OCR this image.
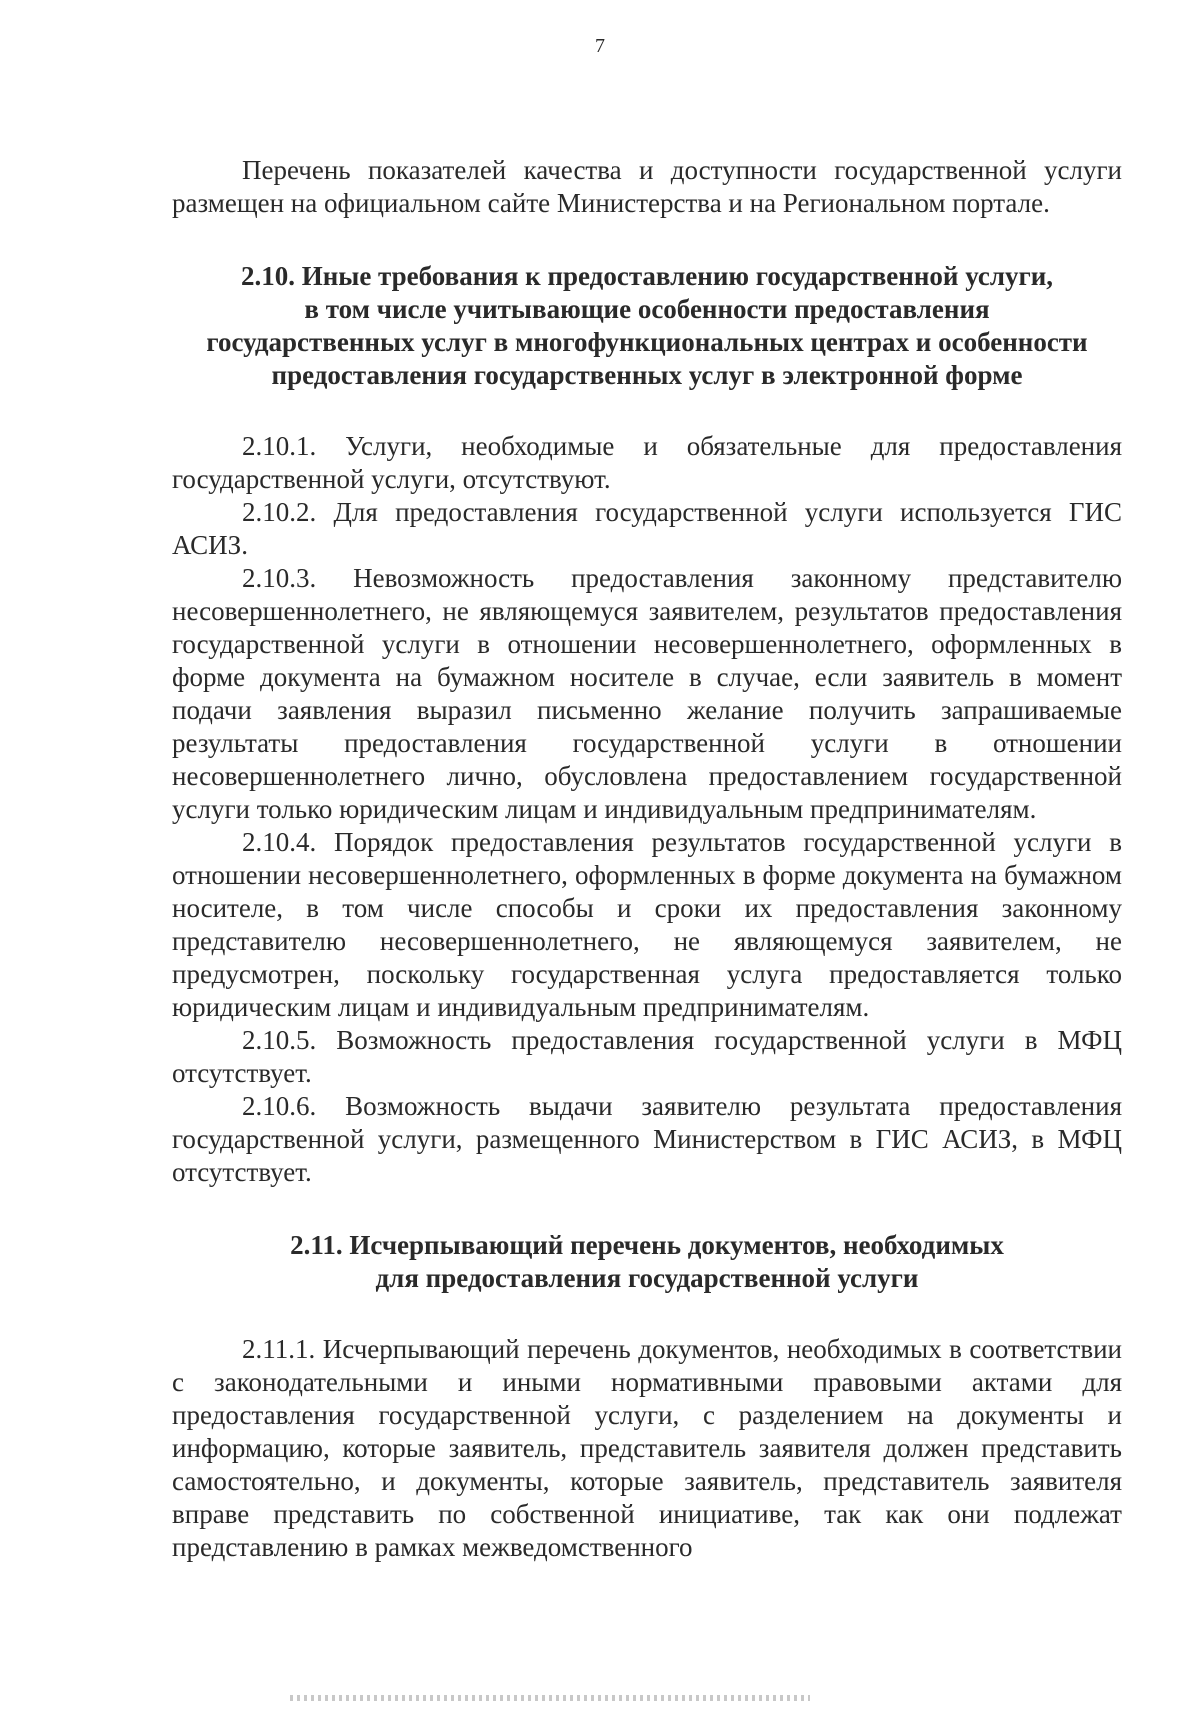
7

Перечень показателей качества и доступности государственной услуги размещен на официальном сайте Министерства и на Региональном портале.

2.10. Иные требования к предоставлению государственной услуги,
в том числе учитывающие особенности предоставления
государственных услуг в многофункциональных центрах и особенности
предоставления государственных услуг в электронной форме

2.10.1. Услуги, необходимые и обязательные для предоставления государственной услуги, отсутствуют.

2.10.2. Для предоставления государственной услуги используется ГИС АСИЗ.

2.10.3. Невозможность предоставления законному представителю несовершеннолетнего, не являющемуся заявителем, результатов предоставления государственной услуги в отношении несовершеннолетнего, оформленных в форме документа на бумажном носителе в случае, если заявитель в момент подачи заявления выразил письменно желание получить запрашиваемые результаты предоставления государственной услуги в отношении несовершеннолетнего лично, обусловлена предоставлением государственной услуги только юридическим лицам и индивидуальным предпринимателям.

2.10.4. Порядок предоставления результатов государственной услуги в отношении несовершеннолетнего, оформленных в форме документа на бумажном носителе, в том числе способы и сроки их предоставления законному представителю несовершеннолетнего, не являющемуся заявителем, не предусмотрен, поскольку государственная услуга предоставляется только юридическим лицам и индивидуальным предпринимателям.

2.10.5. Возможность предоставления государственной услуги в МФЦ отсутствует.

2.10.6. Возможность выдачи заявителю результата предоставления государственной услуги, размещенного Министерством в ГИС АСИЗ, в МФЦ отсутствует.

2.11. Исчерпывающий перечень документов, необходимых
для предоставления государственной услуги

2.11.1. Исчерпывающий перечень документов, необходимых в соответствии с законодательными и иными нормативными правовыми актами для предоставления государственной услуги, с разделением на документы и информацию, которые заявитель, представитель заявителя должен представить самостоятельно, и документы, которые заявитель, представитель заявителя вправе представить по собственной инициативе, так как они подлежат представлению в рамках межведомственного
